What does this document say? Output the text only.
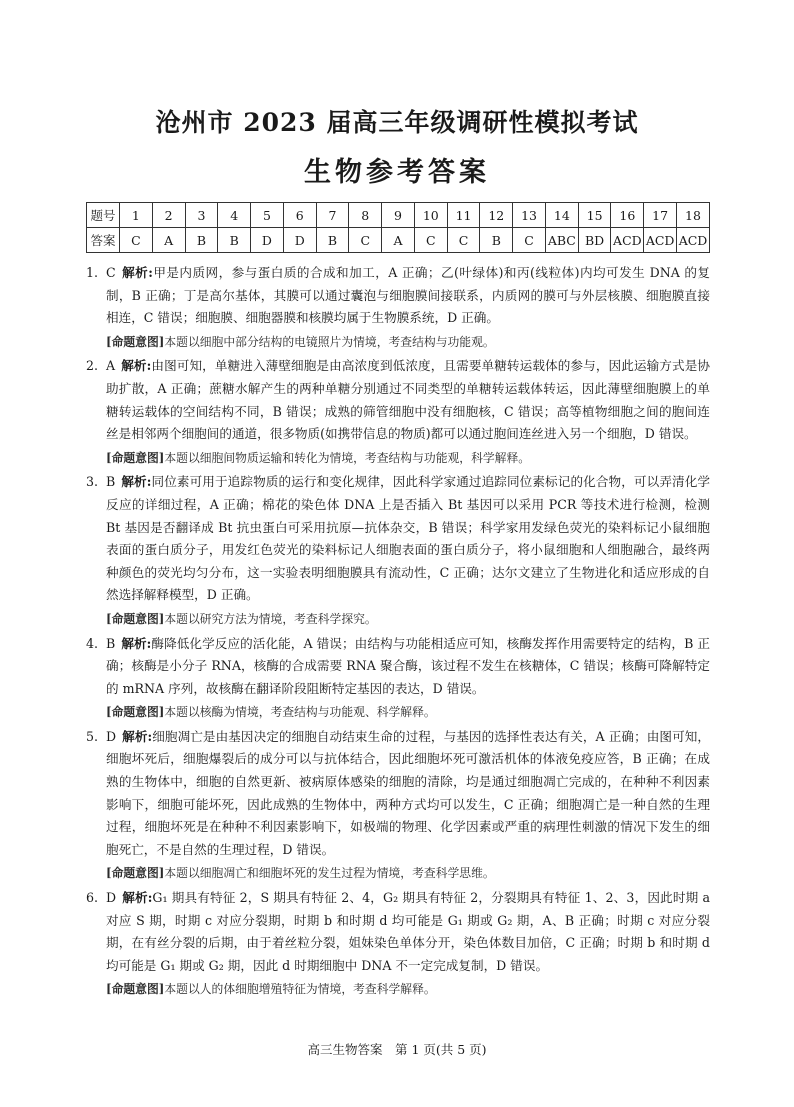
沧州市 2023 届高三年级调研性模拟考试
生物参考答案
题号	1	2	3	4	5	6	7	8	9	10	11	12	13	14	15	16	17	18
答案	C	A	B	B	D	D	B	C	A	C	C	B	C	ABC	BD	ACD	ACD	ACD

1. C 解析:甲是内质网，参与蛋白质的合成和加工，A 正确；乙(叶绿体)和丙(线粒体)内均可发生 DNA 的复制，B 正确；丁是高尔基体，其膜可以通过囊泡与细胞膜间接联系，内质网的膜可与外层核膜、细胞膜直接相连，C 错误；细胞膜、细胞器膜和核膜均属于生物膜系统，D 正确。

[命题意图]本题以细胞中部分结构的电镜照片为情境，考查结构与功能观。

2. A 解析:由图可知，单糖进入薄壁细胞是由高浓度到低浓度，且需要单糖转运载体的参与，因此运输方式是协助扩散，A 正确；蔗糖水解产生的两种单糖分别通过不同类型的单糖转运载体转运，因此薄壁细胞膜上的单糖转运载体的空间结构不同，B 错误；成熟的筛管细胞中没有细胞核，C 错误；高等植物细胞之间的胞间连丝是相邻两个细胞间的通道，很多物质(如携带信息的物质)都可以通过胞间连丝进入另一个细胞，D 错误。

[命题意图]本题以细胞间物质运输和转化为情境，考查结构与功能观，科学解释。

3. B 解析:同位素可用于追踪物质的运行和变化规律，因此科学家通过追踪同位素标记的化合物，可以弄清化学反应的详细过程，A 正确；棉花的染色体 DNA 上是否插入 Bt 基因可以采用 PCR 等技术进行检测，检测 Bt 基因是否翻译成 Bt 抗虫蛋白可采用抗原—抗体杂交，B 错误；科学家用发绿色荧光的染料标记小鼠细胞表面的蛋白质分子，用发红色荧光的染料标记人细胞表面的蛋白质分子，将小鼠细胞和人细胞融合，最终两种颜色的荧光均匀分布，这一实验表明细胞膜具有流动性，C 正确；达尔文建立了生物进化和适应形成的自然选择解释模型，D 正确。

[命题意图]本题以研究方法为情境，考查科学探究。

4. B 解析:酶降低化学反应的活化能，A 错误；由结构与功能相适应可知，核酶发挥作用需要特定的结构，B 正确；核酶是小分子 RNA，核酶的合成需要 RNA 聚合酶，该过程不发生在核糖体，C 错误；核酶可降解特定的 mRNA 序列，故核酶在翻译阶段阻断特定基因的表达，D 错误。

[命题意图]本题以核酶为情境，考查结构与功能观、科学解释。

5. D 解析:细胞凋亡是由基因决定的细胞自动结束生命的过程，与基因的选择性表达有关，A 正确；由图可知，细胞坏死后，细胞爆裂后的成分可以与抗体结合，因此细胞坏死可激活机体的体液免疫应答，B 正确；在成熟的生物体中，细胞的自然更新、被病原体感染的细胞的清除，均是通过细胞凋亡完成的，在种种不利因素影响下，细胞可能坏死，因此成熟的生物体中，两种方式均可以发生，C 正确；细胞凋亡是一种自然的生理过程，细胞坏死是在种种不利因素影响下，如极端的物理、化学因素或严重的病理性刺激的情况下发生的细胞死亡，不是自然的生理过程，D 错误。

[命题意图]本题以细胞凋亡和细胞坏死的发生过程为情境，考查科学思维。

6. D 解析:G₁ 期具有特征 2，S 期具有特征 2、4，G₂ 期具有特征 2，分裂期具有特征 1、2、3，因此时期 a 对应 S 期，时期 c 对应分裂期，时期 b 和时期 d 均可能是 G₁ 期或 G₂ 期，A、B 正确；时期 c 对应分裂期，在有丝分裂的后期，由于着丝粒分裂，姐妹染色单体分开，染色体数目加倍，C 正确；时期 b 和时期 d 均可能是 G₁ 期或 G₂ 期，因此 d 时期细胞中 DNA 不一定完成复制，D 错误。

[命题意图]本题以人的体细胞增殖特征为情境，考查科学解释。
高三生物答案　第 1 页(共 5 页)
